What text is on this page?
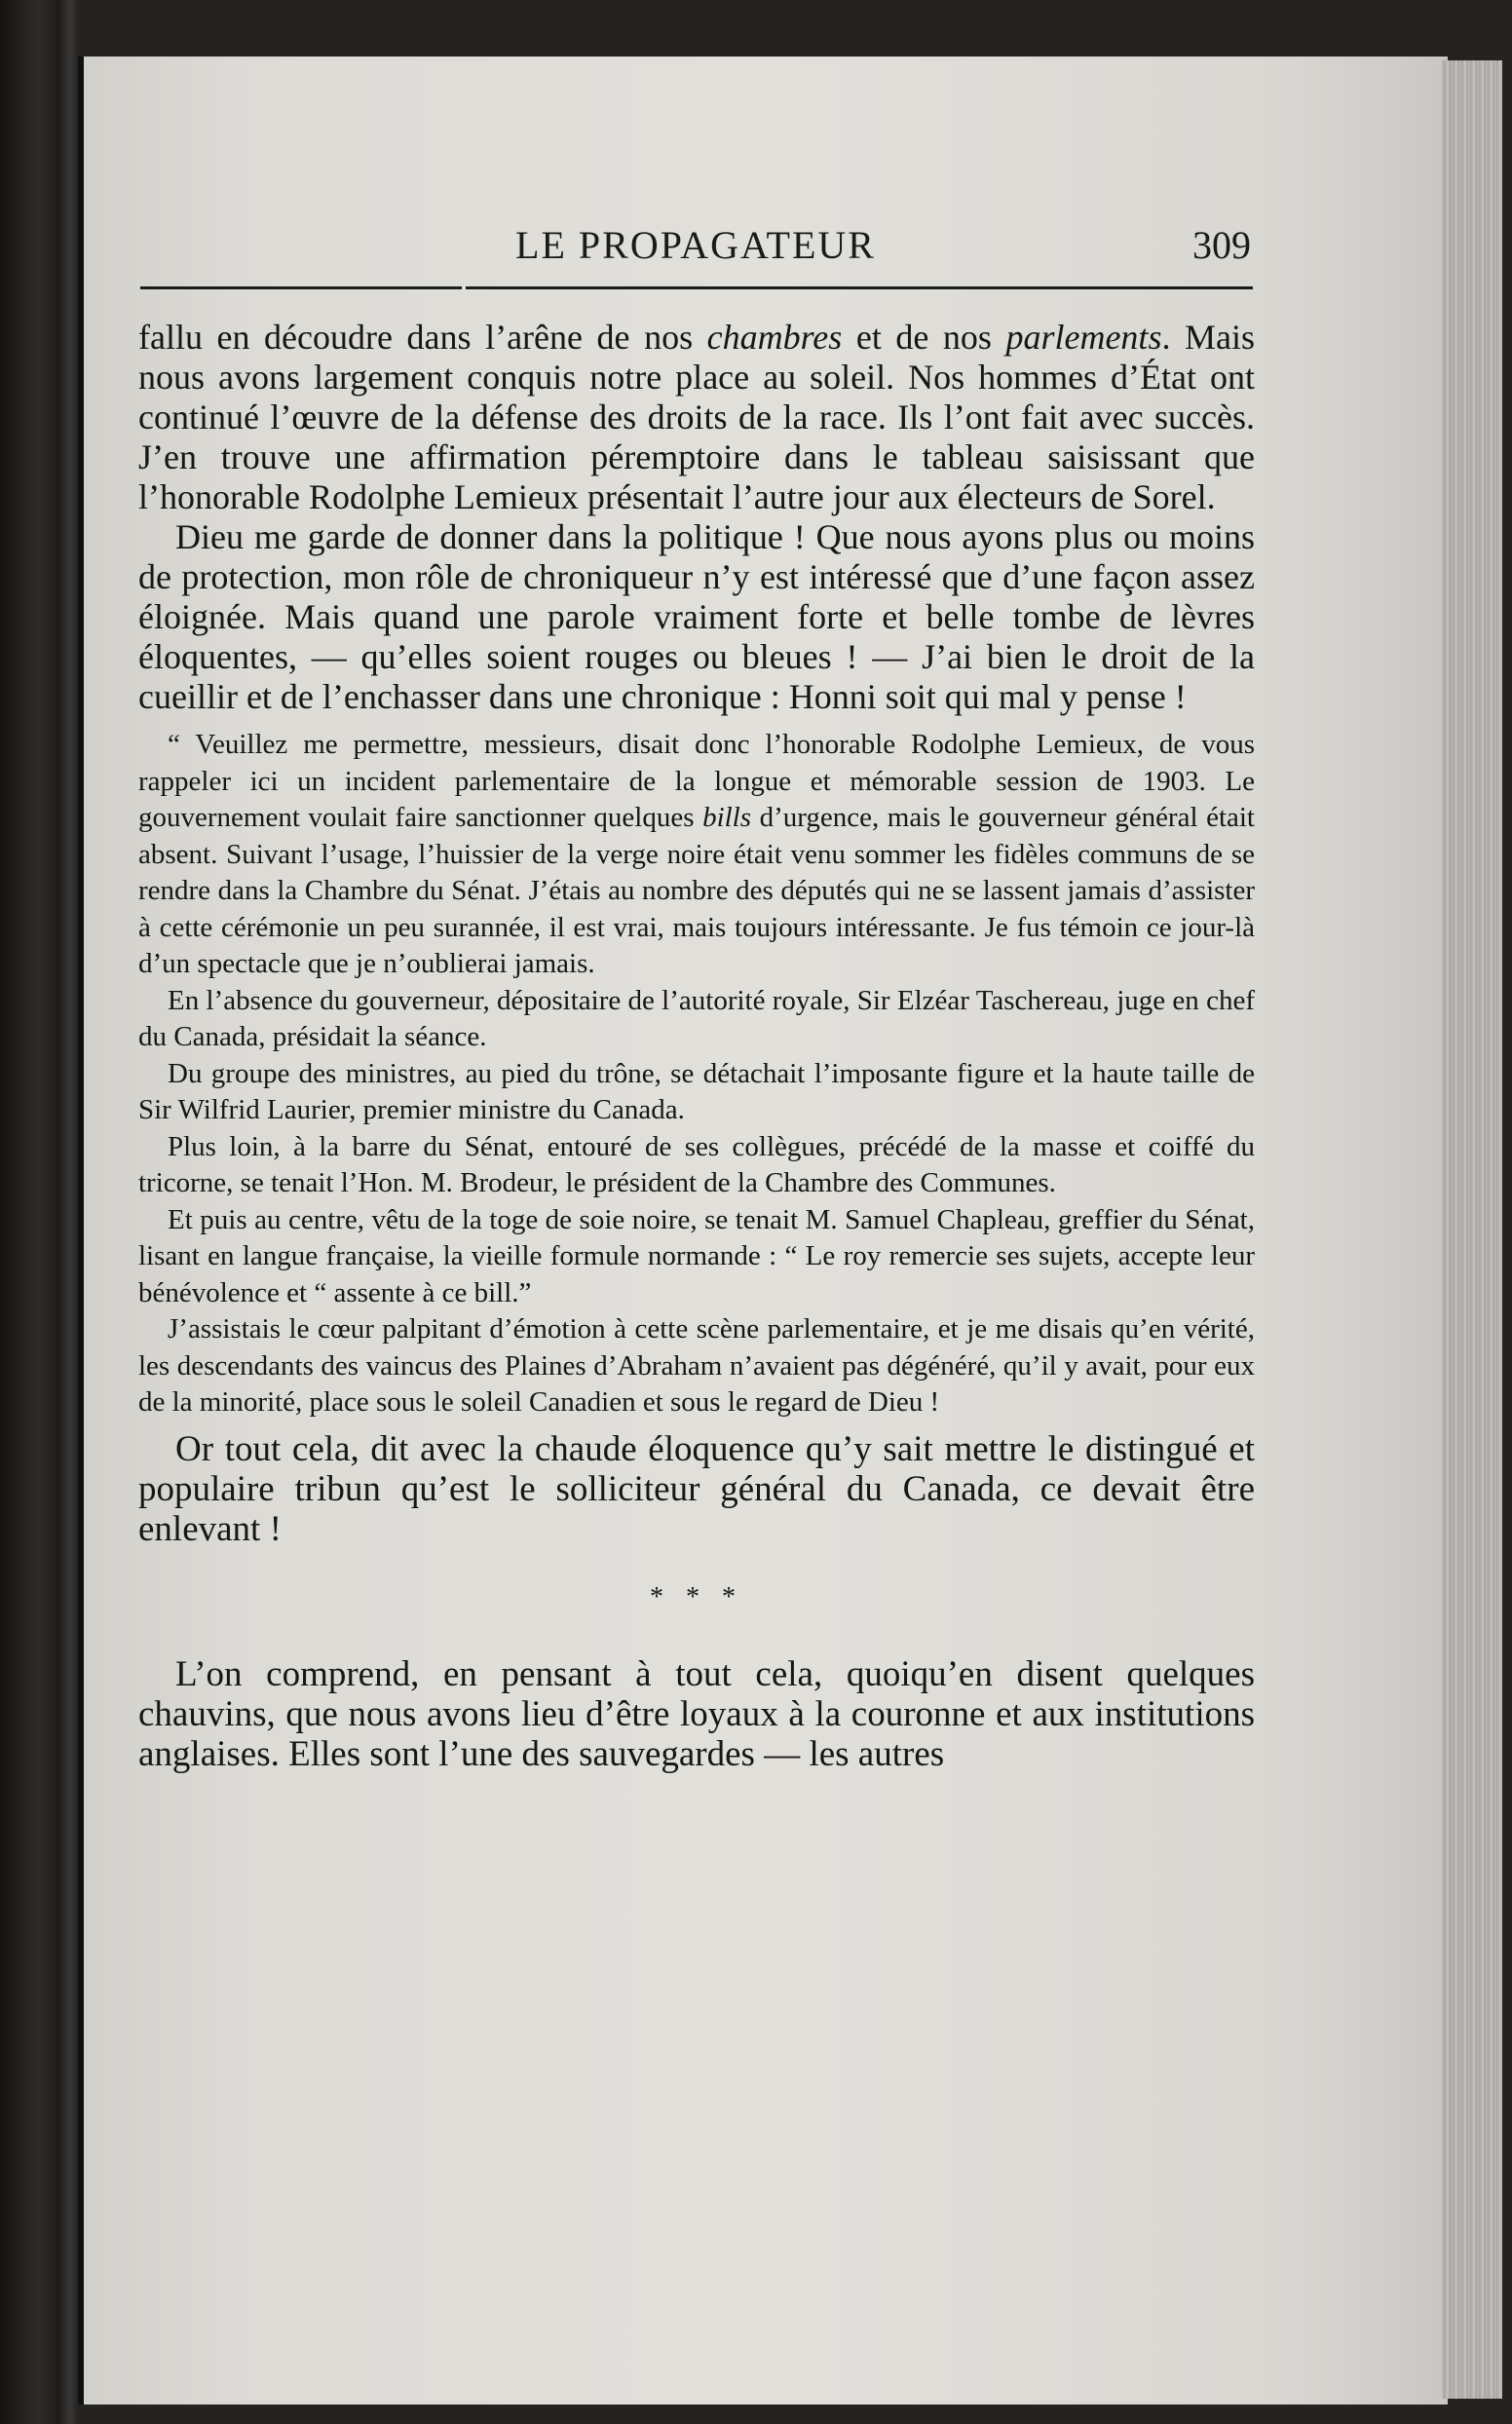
LE PROPAGATEUR	309

fallu en découdre dans l’arêne de nos chambres et de nos parlements. Mais nous avons largement conquis notre place au soleil. Nos hommes d’État ont continué l’œuvre de la défense des droits de la race. Ils l’ont fait avec succès. J’en trouve une affirmation péremptoire dans le tableau saisissant que l’honorable Rodolphe Lemieux présentait l’autre jour aux électeurs de Sorel.

Dieu me garde de donner dans la politique ! Que nous ayons plus ou moins de protection, mon rôle de chroniqueur n’y est intéressé que d’une façon assez éloignée. Mais quand une parole vraiment forte et belle tombe de lèvres éloquentes, — qu’elles soient rouges ou bleues ! — J’ai bien le droit de la cueillir et de l’enchasser dans une chronique : Honni soit qui mal y pense !

“ Veuillez me permettre, messieurs, disait donc l’honorable Rodolphe Lemieux, de vous rappeler ici un incident parlementaire de la longue et mémorable session de 1903. Le gouvernement voulait faire sanctionner quelques bills d’urgence, mais le gouverneur général était absent. Suivant l’usage, l’huissier de la verge noire était venu sommer les fidèles communs de se rendre dans la Chambre du Sénat. J’étais au nombre des députés qui ne se lassent jamais d’assister à cette cérémonie un peu surannée, il est vrai, mais toujours intéressante. Je fus témoin ce jour-là d’un spectacle que je n’oublierai jamais.

En l’absence du gouverneur, dépositaire de l’autorité royale, Sir Elzéar Taschereau, juge en chef du Canada, présidait la séance.

Du groupe des ministres, au pied du trône, se détachait l’imposante figure et la haute taille de Sir Wilfrid Laurier, premier ministre du Canada.

Plus loin, à la barre du Sénat, entouré de ses collègues, précédé de la masse et coiffé du tricorne, se tenait l’Hon. M. Brodeur, le président de la Chambre des Communes.

Et puis au centre, vêtu de la toge de soie noire, se tenait M. Samuel Chapleau, greffier du Sénat, lisant en langue française, la vieille formule normande : “ Le roy remercie ses sujets, accepte leur bénévolence et “ assente à ce bill.”

J’assistais le cœur palpitant d’émotion à cette scène parlementaire, et je me disais qu’en vérité, les descendants des vaincus des Plaines d’Abraham n’avaient pas dégénéré, qu’il y avait, pour eux de la minorité, place sous le soleil Canadien et sous le regard de Dieu !

Or tout cela, dit avec la chaude éloquence qu’y sait mettre le distingué et populaire tribun qu’est le solliciteur général du Canada, ce devait être enlevant !

* * *

L’on comprend, en pensant à tout cela, quoiqu’en disent quelques chauvins, que nous avons lieu d’être loyaux à la couronne et aux institutions anglaises. Elles sont l’une des sauvegardes — les autres
